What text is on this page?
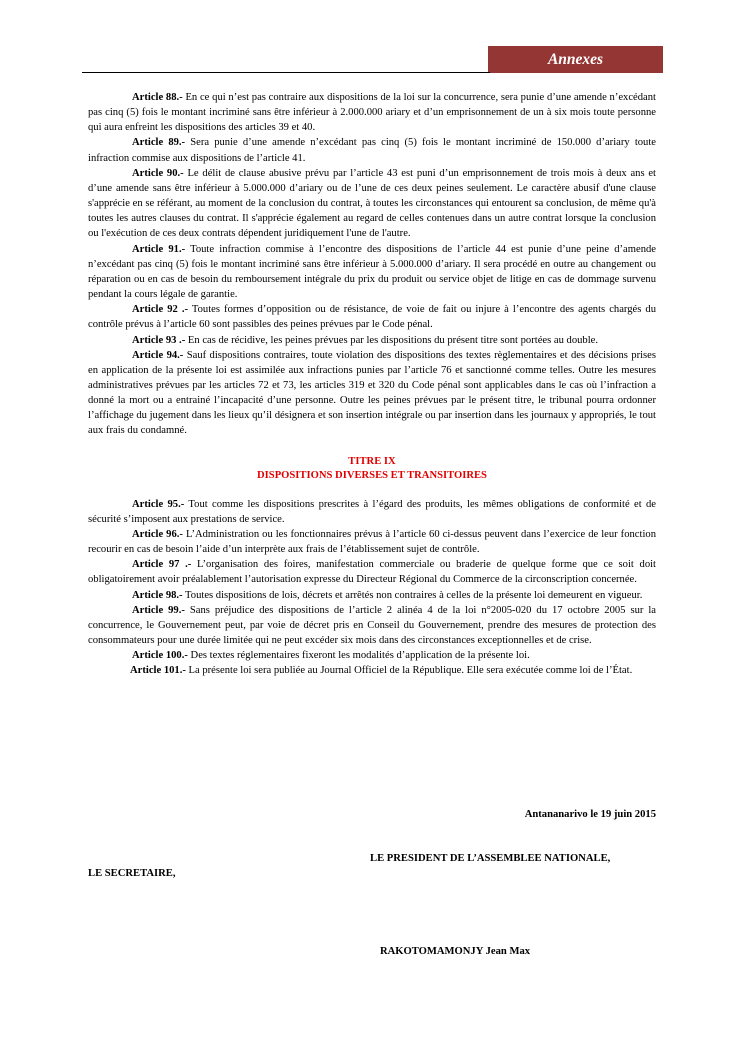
Annexes

Article 88.- En ce qui n’est pas contraire aux dispositions de la loi sur la concurrence, sera punie d’une amende n’excédant pas cinq (5) fois le montant incriminé sans être inférieur à 2.000.000 ariary et d’un emprisonnement de un à six mois toute personne qui aura enfreint les dispositions des articles 39 et 40.

Article 89.- Sera punie d’une amende n’excédant pas cinq (5) fois le montant incriminé de 150.000 d’ariary toute infraction commise aux dispositions de l’article 41.

Article 90.- Le délit de clause abusive prévu par l’article 43 est puni d’un emprisonnement de trois mois à deux ans et d’une amende sans être inférieur à 5.000.000 d’ariary ou de l’une de ces deux peines seulement. Le caractère abusif d'une clause s'apprécie en se référant, au moment de la conclusion du contrat, à toutes les circonstances qui entourent sa conclusion, de même qu'à toutes les autres clauses du contrat. Il s'apprécie également au regard de celles contenues dans un autre contrat lorsque la conclusion ou l'exécution de ces deux contrats dépendent juridiquement l'une de l'autre.

Article 91.- Toute infraction commise à l’encontre des dispositions de l’article 44 est punie d’une peine d’amende n’excédant pas cinq (5) fois le montant incriminé sans être inférieur à 5.000.000 d’ariary. Il sera procédé en outre au changement ou réparation ou en cas de besoin du remboursement intégrale du prix du produit ou service objet de litige en cas de dommage survenu pendant la cours légale de garantie.

Article 92 .- Toutes formes d’opposition ou de résistance, de voie de fait ou injure à l’encontre des agents chargés du contrôle prévus à l’article 60 sont passibles des peines prévues par le Code pénal.

Article 93 .- En cas de récidive, les peines prévues par les dispositions du présent titre sont portées au double.

Article 94.- Sauf dispositions contraires, toute violation des dispositions des textes règlementaires et des décisions prises en application de la présente loi est assimilée aux infractions punies par l’article 76 et sanctionné comme telles. Outre les mesures administratives prévues par les articles 72 et 73, les articles 319 et 320 du Code pénal sont applicables dans le cas où l’infraction a donné la mort ou a entrainé l’incapacité d’une personne. Outre les peines prévues par le présent titre, le tribunal pourra ordonner l’affichage du jugement dans les lieux qu’il désignera et son insertion intégrale ou par insertion dans les journaux y appropriés, le tout aux frais du condamné.

TITRE IX
DISPOSITIONS DIVERSES ET TRANSITOIRES

Article 95.- Tout comme les dispositions prescrites à l’égard des produits, les mêmes obligations de conformité et de sécurité s’imposent aux prestations de service.

Article 96.- L’Administration ou les fonctionnaires prévus à l’article 60 ci-dessus peuvent dans l’exercice de leur fonction recourir en cas de besoin l’aide d’un interprète aux frais de l’établissement sujet de contrôle.

Article 97 .- L’organisation des foires, manifestation commerciale ou braderie de quelque forme que ce soit doit obligatoirement avoir préalablement l’autorisation expresse du Directeur Régional du Commerce de la circonscription concernée.

Article 98.- Toutes dispositions de lois, décrets et arrêtés non contraires à celles de la présente loi demeurent en vigueur.

Article 99.- Sans préjudice des dispositions de l’article 2 alinéa 4 de la loi n°2005-020 du 17 octobre 2005 sur la concurrence, le Gouvernement peut, par voie de décret pris en Conseil du Gouvernement, prendre des mesures de protection des consommateurs pour une durée limitée qui ne peut excéder six mois dans des circonstances exceptionnelles et de crise.

Article 100.- Des textes réglementaires fixeront les modalités d’application de la présente loi.

Article 101.- La présente loi sera publiée au Journal Officiel de la République. Elle sera exécutée comme loi de l’État.

Antananarivo le 19 juin 2015
LE PRESIDENT DE L’ASSEMBLEE NATIONALE,
LE SECRETAIRE,
RAKOTOMAMONJY Jean Max
